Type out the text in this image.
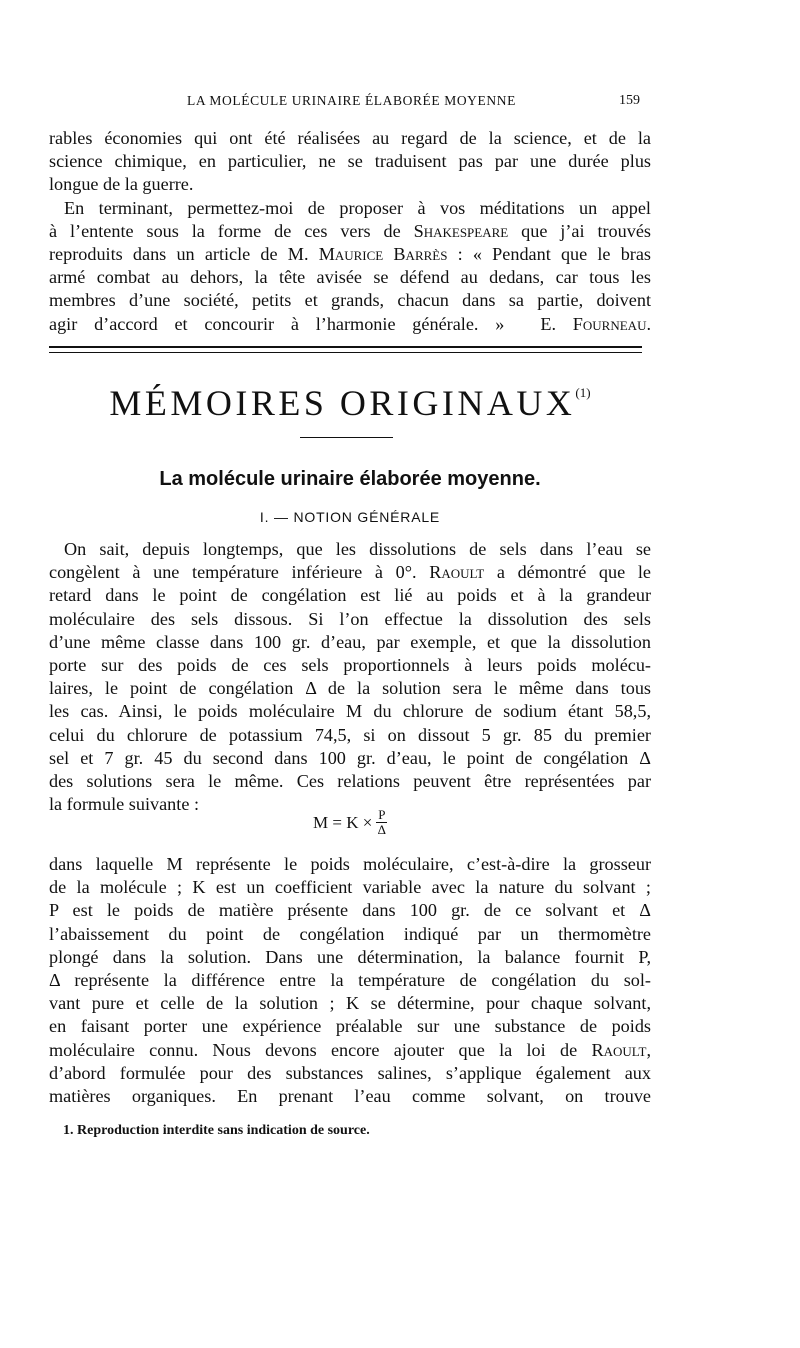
LA MOLÉCULE URINAIRE ÉLABORÉE MOYENNE	159
rables économies qui ont été réalisées au regard de la science, et de la
science chimique, en particulier, ne se traduisent pas par une durée plus
longue de la guerre.
En terminant, permettez-moi de proposer à vos méditations un appel
à l’entente sous la forme de ces vers de Shakespeare que j’ai trouvés
reproduits dans un article de M. Maurice Barrès : « Pendant que le bras
armé combat au dehors, la tête avisée se défend au dedans, car tous les
membres d’une société, petits et grands, chacun dans sa partie, doivent
agir d’accord et concourir à l’harmonie générale. » E. Fourneau.
MÉMOIRES ORIGINAUX$^{(1)}$
La molécule urinaire élaborée moyenne.
I. — NOTION GÉNÉRALE
On sait, depuis longtemps, que les dissolutions de sels dans l’eau se
congèlent à une température inférieure à 0°. Raoult a démontré que le
retard dans le point de congélation est lié au poids et à la grandeur
moléculaire des sels dissous. Si l’on effectue la dissolution des sels
d’une même classe dans 100 gr. d’eau, par exemple, et que la dissolution
porte sur des poids de ces sels proportionnels à leurs poids molécu-
laires, le point de congélation Δ de la solution sera le même dans tous
les cas. Ainsi, le poids moléculaire M du chlorure de sodium étant 58,5,
celui du chlorure de potassium 74,5, si on dissout 5 gr. 85 du premier
sel et 7 gr. 45 du second dans 100 gr. d’eau, le point de congélation Δ
des solutions sera le même. Ces relations peuvent être représentées par
la formule suivante :
$M = K \times \frac{P}{\Delta}$
dans laquelle M représente le poids moléculaire, c’est-à-dire la grosseur
de la molécule ; K est un coefficient variable avec la nature du solvant ;
P est le poids de matière présente dans 100 gr. de ce solvant et Δ
l’abaissement du point de congélation indiqué par un thermomètre
plongé dans la solution. Dans une détermination, la balance fournit P,
Δ représente la différence entre la température de congélation du sol-
vant pure et celle de la solution ; K se détermine, pour chaque solvant,
en faisant porter une expérience préalable sur une substance de poids
moléculaire connu. Nous devons encore ajouter que la loi de Raoult,
d’abord formulée pour des substances salines, s’applique également aux
matières organiques. En prenant l’eau comme solvant, on trouve
1. Reproduction interdite sans indication de source.
